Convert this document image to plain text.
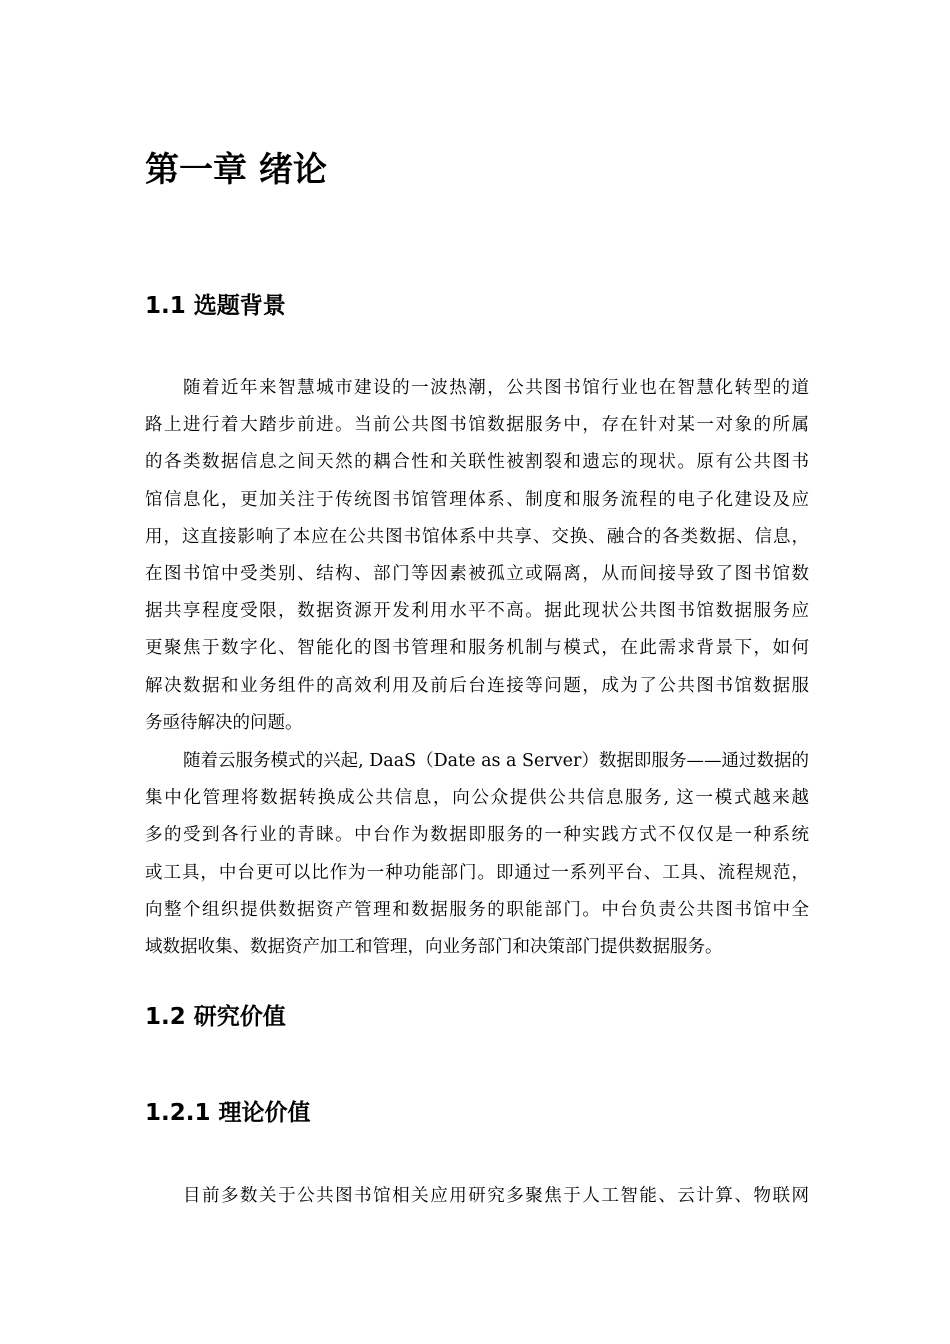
第一章 绪论
1.1 选题背景
随着近年来智慧城市建设的一波热潮，公共图书馆行业也在智慧化转型的道
路上进行着大踏步前进。当前公共图书馆数据服务中，存在针对某一对象的所属
的各类数据信息之间天然的耦合性和关联性被割裂和遗忘的现状。原有公共图书
馆信息化，更加关注于传统图书馆管理体系、制度和服务流程的电子化建设及应
用，这直接影响了本应在公共图书馆体系中共享、交换、融合的各类数据、信息，
在图书馆中受类别、结构、部门等因素被孤立或隔离，从而间接导致了图书馆数
据共享程度受限，数据资源开发利用水平不高。据此现状公共图书馆数据服务应
更聚焦于数字化、智能化的图书管理和服务机制与模式，在此需求背景下，如何
解决数据和业务组件的高效利用及前后台连接等问题，成为了公共图书馆数据服
务亟待解决的问题。
随着云服务模式的兴起, DaaS（Date as a Server）数据即服务——通过数据的
集中化管理将数据转换成公共信息，向公众提供公共信息服务, 这一模式越来越
多的受到各行业的青睐。中台作为数据即服务的一种实践方式不仅仅是一种系统
或工具，中台更可以比作为一种功能部门。即通过一系列平台、工具、流程规范，
向整个组织提供数据资产管理和数据服务的职能部门。中台负责公共图书馆中全
域数据收集、数据资产加工和管理，向业务部门和决策部门提供数据服务。
1.2 研究价值
1.2.1 理论价值
目前多数关于公共图书馆相关应用研究多聚焦于人工智能、云计算、物联网
